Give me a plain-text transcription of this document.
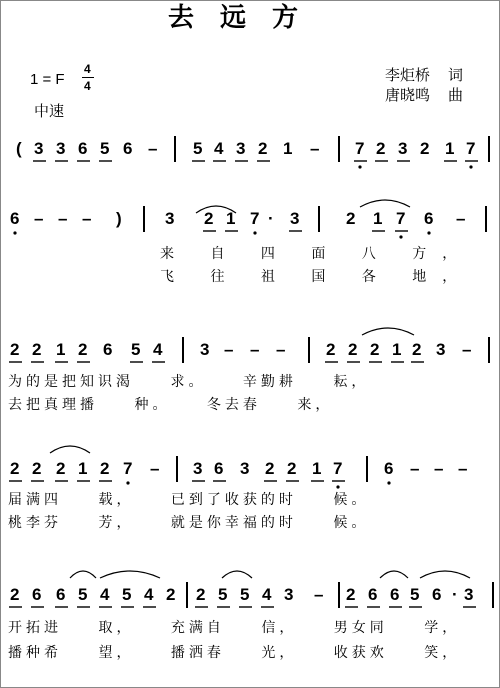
去远方
1 = F
4
4
中速
李炬桥 词
唐晓鸣 曲
( 3 3 6 5 6 – 5 4 3 2 1 – 7 2 3 2 1 7
6 – – – )	3 2 1 7 · 3	2 1 7 6 –
来 自 四 面 八 方，
飞 往 祖 国 各 地，
2 2 1 2 6 5 4 3 – – – 2 2 2 1 2 3 –
为的是把知识渴 求。 辛勤耕 耘，
去把真理播 种。 冬去春 来，
2 2 2 1 2 7 – 3 6 3 2 2 1 7 6 – – –
届满四 载， 已到了收获的时 候。
桃李芬 芳， 就是你幸福的时 候。
2 6 6 5 4 5 4 2 2 5 5 4 3 – 2 6 6 5 6 · 3
开拓进 取， 充满自 信， 男女同 学，
播种希 望， 播洒春 光， 收获欢 笑，
